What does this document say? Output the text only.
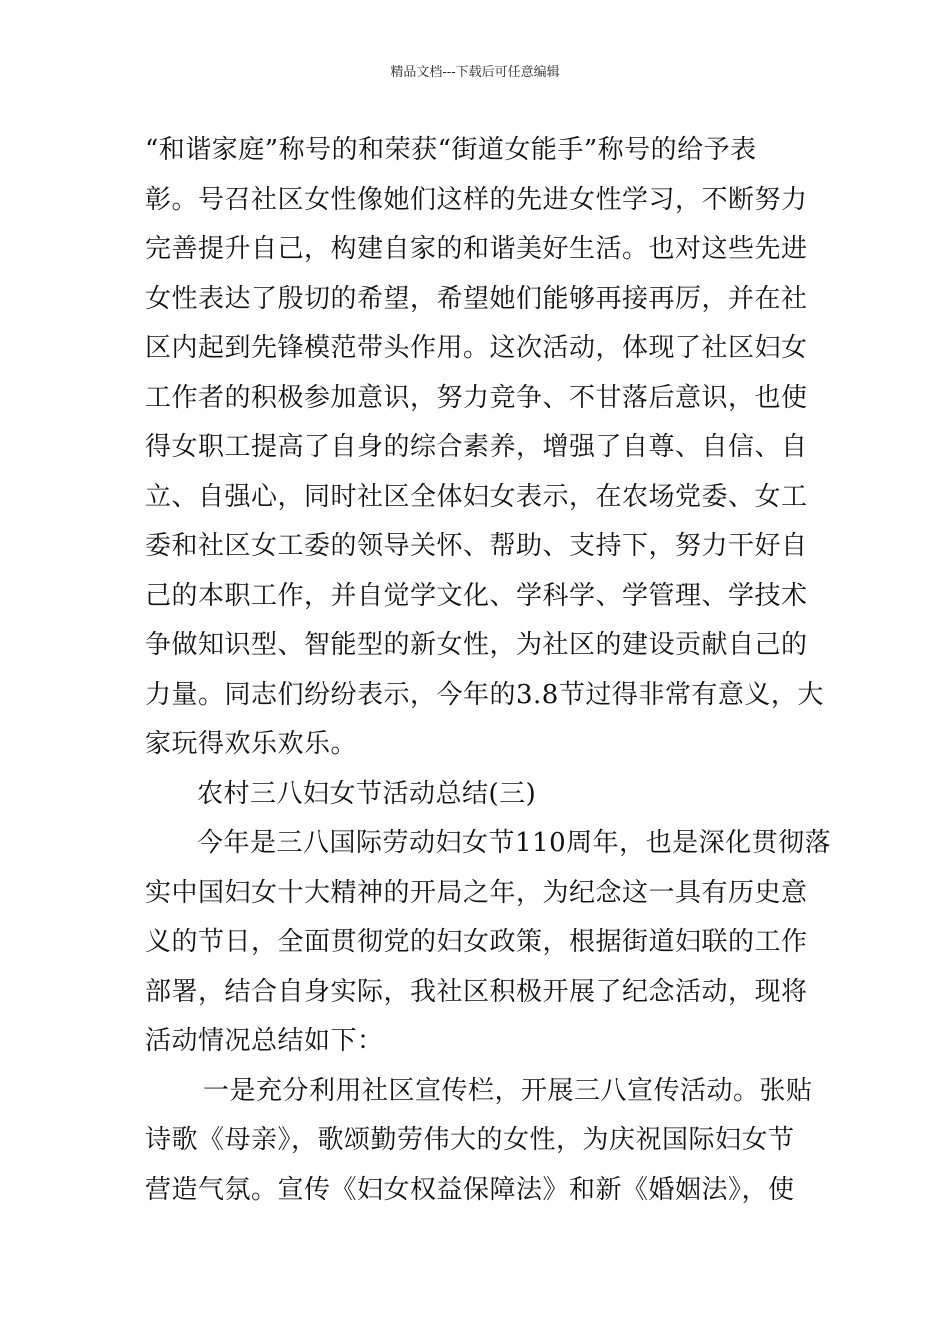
精品文档---下载后可任意编辑
“和谐家庭”称号的和荣获“街道女能手”称号的给予表
彰。号召社区女性像她们这样的先进女性学习，不断努力
完善提升自己，构建自家的和谐美好生活。也对这些先进
女性表达了殷切的希望，希望她们能够再接再厉，并在社
区内起到先锋模范带头作用。这次活动，体现了社区妇女
工作者的积极参加意识，努力竞争、不甘落后意识，也使
得女职工提高了自身的综合素养，增强了自尊、自信、自
立、自强心，同时社区全体妇女表示，在农场党委、女工
委和社区女工委的领导关怀、帮助、支持下，努力干好自
己的本职工作，并自觉学文化、学科学、学管理、学技术
争做知识型、智能型的新女性，为社区的建设贡献自己的
力量。同志们纷纷表示，今年的3.8节过得非常有意义，大
家玩得欢乐欢乐。
农村三八妇女节活动总结(三)
今年是三八国际劳动妇女节110周年，也是深化贯彻落
实中国妇女十大精神的开局之年，为纪念这一具有历史意
义的节日，全面贯彻党的妇女政策，根据街道妇联的工作
部署，结合自身实际，我社区积极开展了纪念活动，现将
活动情况总结如下：
一是充分利用社区宣传栏，开展三八宣传活动。张贴
诗歌《母亲》，歌颂勤劳伟大的女性，为庆祝国际妇女节
营造气氛。宣传《妇女权益保障法》和新《婚姻法》，使
